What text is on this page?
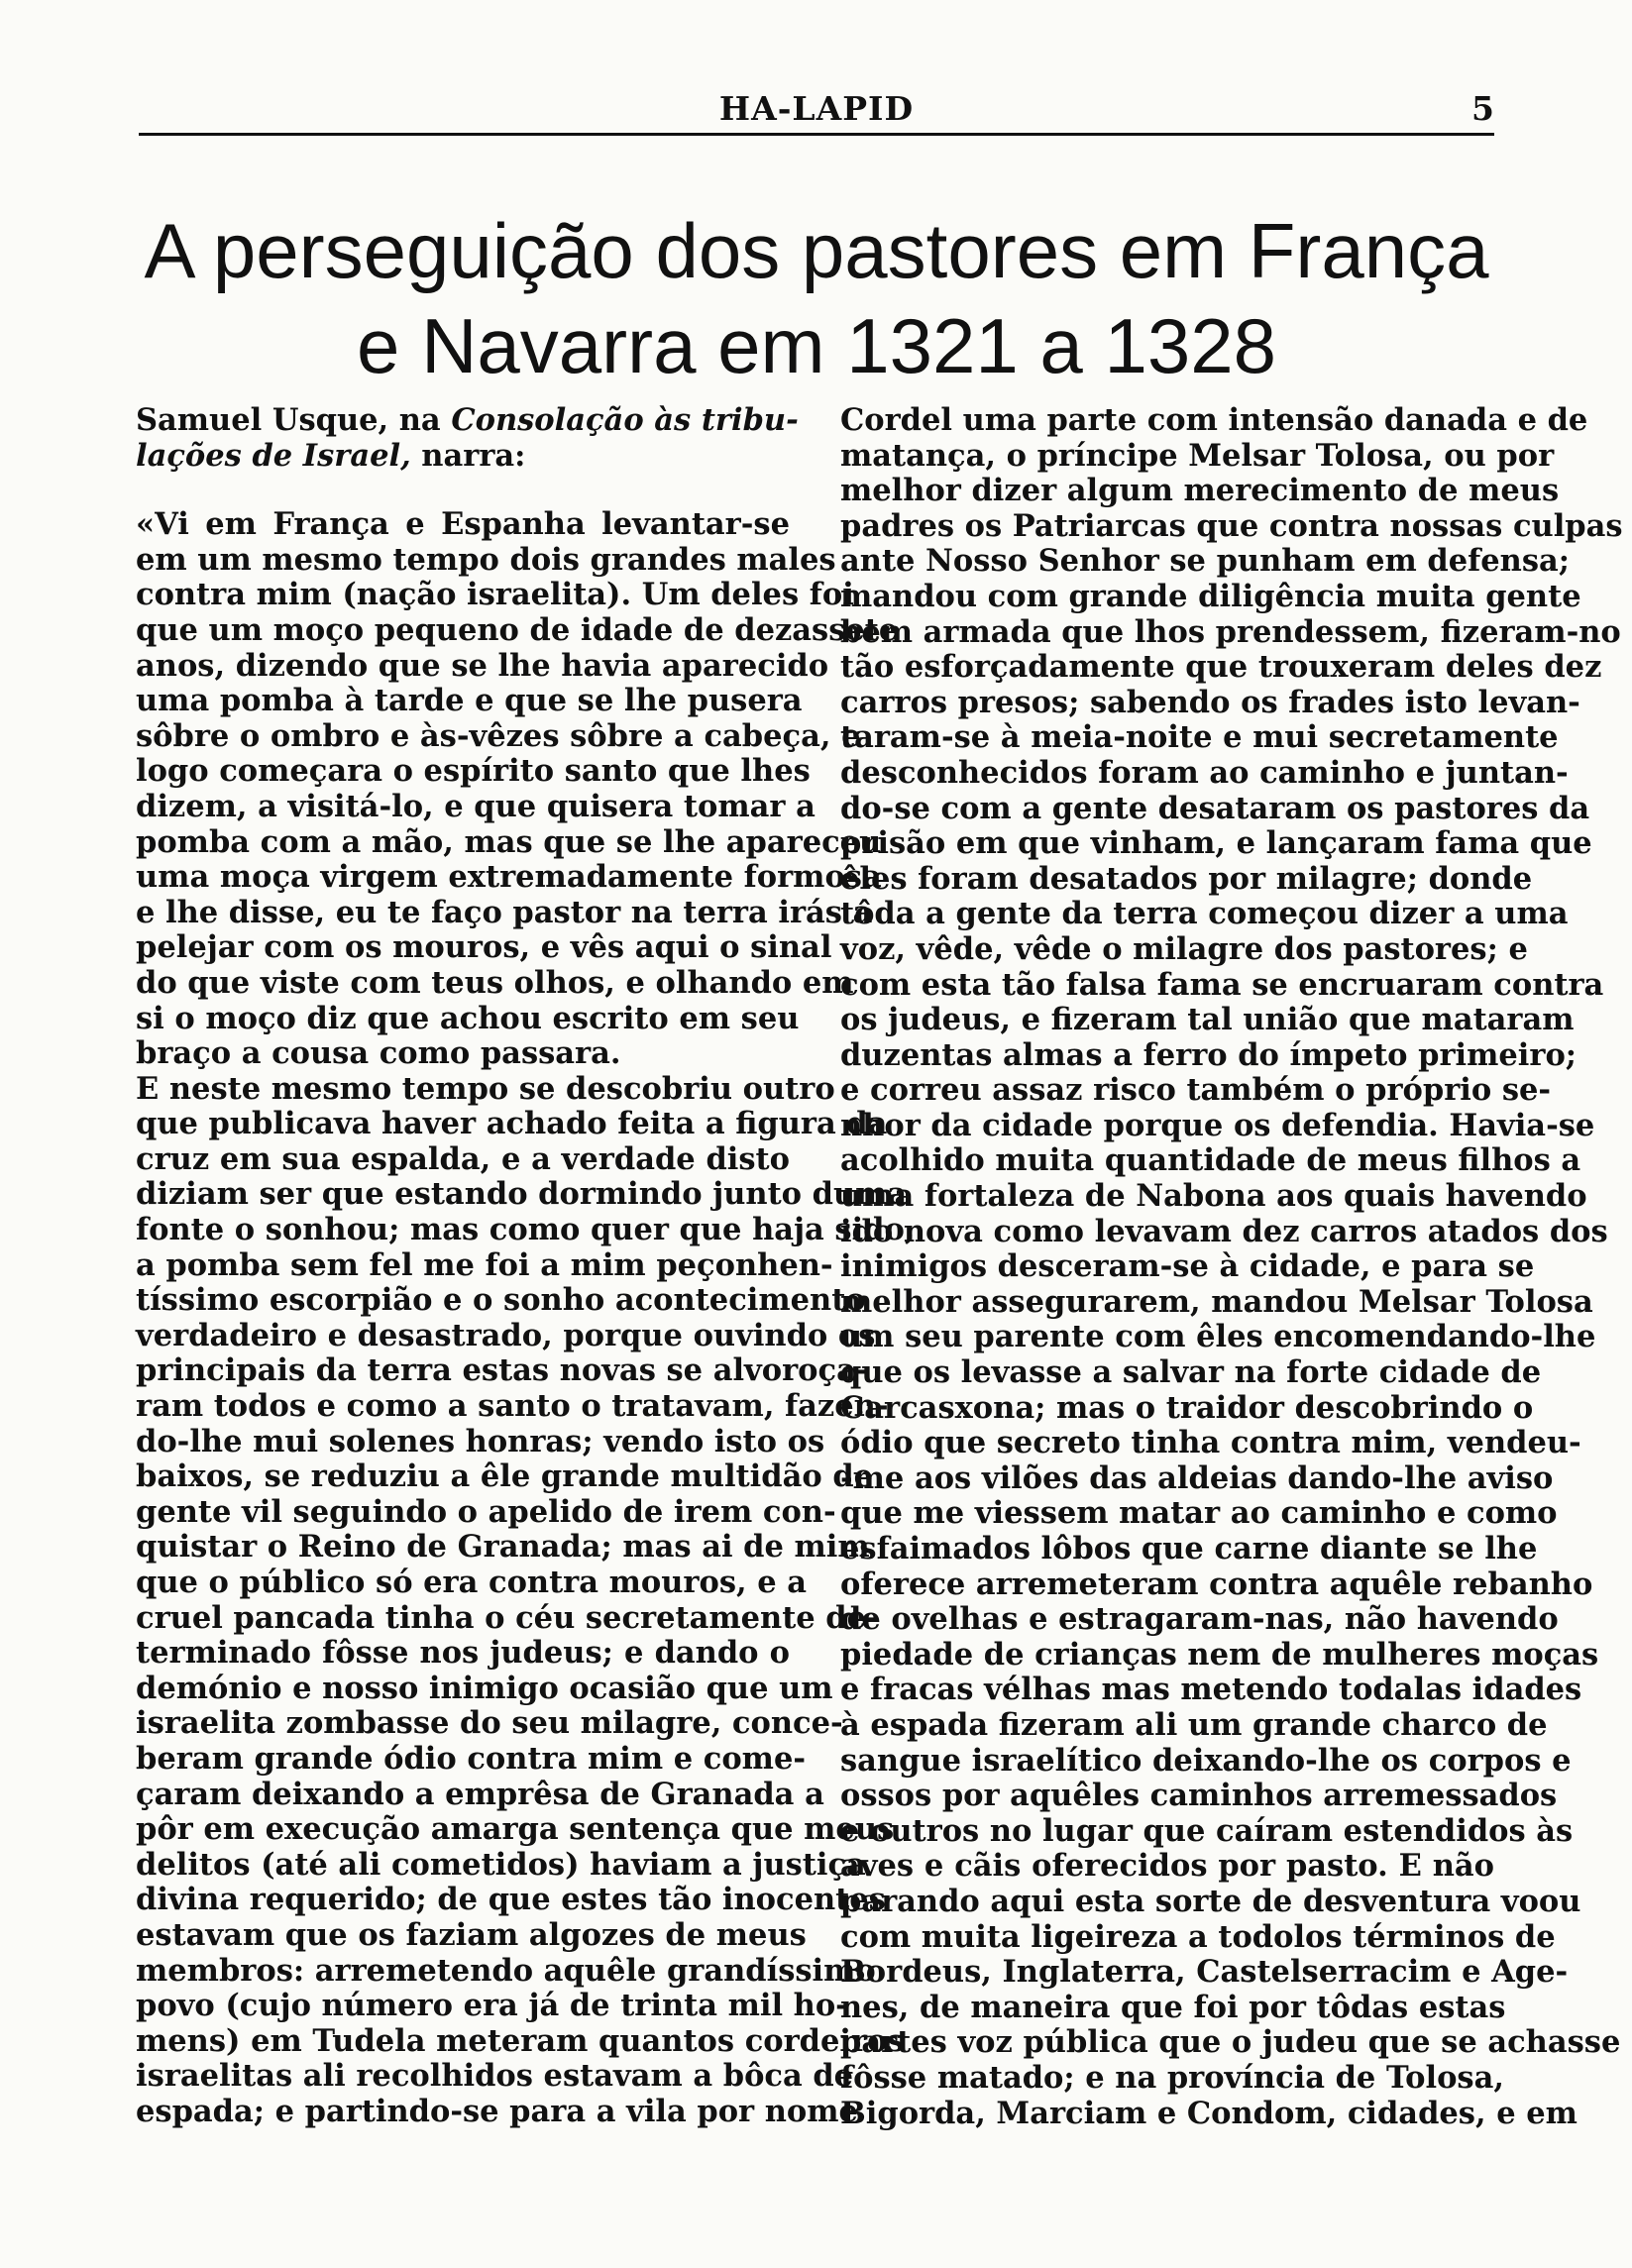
HA-LAPID	5
A perseguição dos pastores em França
e Navarra em 1321 a 1328
Samuel Usque, na Consolação às tribu-
lações de Israel, narra:
«Vi em França e Espanha levantar-se
em um mesmo tempo dois grandes males
contra mim (nação israelita). Um deles foi
que um moço pequeno de idade de dezassete
anos, dizendo que se lhe havia aparecido
uma pomba à tarde e que se lhe pusera
sôbre o ombro e às-vêzes sôbre a cabeça, e
logo começara o espírito santo que lhes
dizem, a visitá-lo, e que quisera tomar a
pomba com a mão, mas que se lhe apareceu
uma moça virgem extremadamente formosa
e lhe disse, eu te faço pastor na terra irás a
pelejar com os mouros, e vês aqui o sinal
do que viste com teus olhos, e olhando em
si o moço diz que achou escrito em seu
braço a cousa como passara.
E neste mesmo tempo se descobriu outro
que publicava haver achado feita a figura da
cruz em sua espalda, e a verdade disto
diziam ser que estando dormindo junto duma
fonte o sonhou; mas como quer que haja sido,
a pomba sem fel me foi a mim peçonhen-
tíssimo escorpião e o sonho acontecimento
verdadeiro e desastrado, porque ouvindo os
principais da terra estas novas se alvoroça-
ram todos e como a santo o tratavam, fazen-
do-lhe mui solenes honras; vendo isto os
baixos, se reduziu a êle grande multidão de
gente vil seguindo o apelido de irem con-
quistar o Reino de Granada; mas ai de mim
que o público só era contra mouros, e a
cruel pancada tinha o céu secretamente de-
terminado fôsse nos judeus; e dando o
demónio e nosso inimigo ocasião que um
israelita zombasse do seu milagre, conce-
beram grande ódio contra mim e come-
çaram deixando a emprêsa de Granada a
pôr em execução amarga sentença que meus
delitos (até ali cometidos) haviam a justiça
divina requerido; de que estes tão inocentes
estavam que os faziam algozes de meus
membros: arremetendo aquêle grandíssimo
povo (cujo número era já de trinta mil ho-
mens) em Tudela meteram quantos cordeiros
israelitas ali recolhidos estavam a bôca de
espada; e partindo-se para a vila por nome
Cordel uma parte com intensão danada e de
matança, o príncipe Melsar Tolosa, ou por
melhor dizer algum merecimento de meus
padres os Patriarcas que contra nossas culpas
ante Nosso Senhor se punham em defensa;
mandou com grande diligência muita gente
bem armada que lhos prendessem, fizeram-no
tão esforçadamente que trouxeram deles dez
carros presos; sabendo os frades isto levan-
taram-se à meia-noite e mui secretamente
desconhecidos foram ao caminho e juntan-
do-se com a gente desataram os pastores da
prisão em que vinham, e lançaram fama que
êles foram desatados por milagre; donde
tôda a gente da terra começou dizer a uma
voz, vêde, vêde o milagre dos pastores; e
com esta tão falsa fama se encruaram contra
os judeus, e fizeram tal união que mataram
duzentas almas a ferro do ímpeto primeiro;
e correu assaz risco também o próprio se-
nhor da cidade porque os defendia. Havia-se
acolhido muita quantidade de meus filhos a
uma fortaleza de Nabona aos quais havendo
ido nova como levavam dez carros atados dos
inimigos desceram-se à cidade, e para se
melhor assegurarem, mandou Melsar Tolosa
um seu parente com êles encomendando-lhe
que os levasse a salvar na forte cidade de
Carcasxona; mas o traidor descobrindo o
ódio que secreto tinha contra mim, vendeu-
-me aos vilões das aldeias dando-lhe aviso
que me viessem matar ao caminho e como
esfaimados lôbos que carne diante se lhe
oferece arremeteram contra aquêle rebanho
de ovelhas e estragaram-nas, não havendo
piedade de crianças nem de mulheres moças
e fracas vélhas mas metendo todalas idades
à espada fizeram ali um grande charco de
sangue israelítico deixando-lhe os corpos e
ossos por aquêles caminhos arremessados
e outros no lugar que caíram estendidos às
aves e cãis oferecidos por pasto. E não
parando aqui esta sorte de desventura voou
com muita ligeireza a todolos términos de
Bordeus, Inglaterra, Castelserracim e Age-
nes, de maneira que foi por tôdas estas
partes voz pública que o judeu que se achasse
fôsse matado; e na província de Tolosa,
Bigorda, Marciam e Condom, cidades, e em
